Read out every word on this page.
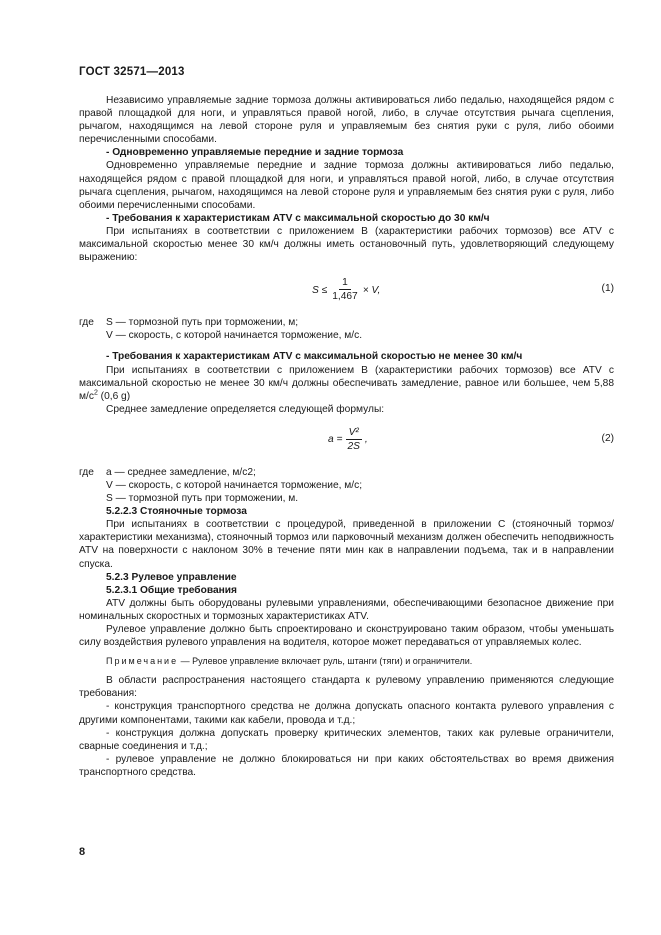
ГОСТ 32571—2013

Независимо управляемые задние тормоза должны активироваться либо педалью, находящейся рядом с правой площадкой для ноги, и управляться правой ногой, либо, в случае отсутствия рычага сцепления, рычагом, находящимся на левой стороне руля и управляемым без снятия руки с руля, либо обоими перечисленными способами.

- Одновременно управляемые передние и задние тормоза

Одновременно управляемые передние и задние тормоза должны активироваться либо педалью, находящейся рядом с правой площадкой для ноги, и управляться правой ногой, либо, в случае отсутствия рычага сцепления, рычагом, находящимся на левой стороне руля и управляемым без снятия руки с руля, либо обоими перечисленными способами.

- Требования к характеристикам ATV с максимальной скоростью до 30 км/ч

При испытаниях в соответствии с приложением B (характеристики рабочих тормозов) все ATV с максимальной скоростью менее 30 км/ч должны иметь остановочный путь, удовлетворяющий следующему выражению:

$S \le \frac{1}{1,467} \times V$,	(1)
где	S — тормозной путь при торможении, м;
V — скорость, с которой начинается торможение, м/с.

- Требования к характеристикам ATV с максимальной скоростью не менее 30 км/ч

При испытаниях в соответствии с приложением B (характеристики рабочих тормозов) все ATV с максимальной скоростью не менее 30 км/ч должны обеспечивать замедление, равное или большее, чем 5,88 $м/с^2$ (0,6 g)

Среднее замедление определяется следующей формулы:

$a = \frac{\text{V²}}{2S}$ ,	(2)
где	a — среднее замедление, м/с2;
V — скорость, с которой начинается торможение, м/с;
S — тормозной путь при торможении, м.

5.2.2.3 Стояночные тормоза

При испытаниях в соответствии с процедурой, приведенной в приложении C (стояночный тормоз/характеристики механизма), стояночный тормоз или парковочный механизм должен обеспечить неподвижность ATV на поверхности с наклоном 30% в течение пяти мин как в направлении подъема, так и в направлении спуска.

5.2.3 Рулевое управление

5.2.3.1 Общие требования

ATV должны быть оборудованы рулевыми управлениями, обеспечивающими безопасное движение при номинальных скоростных и тормозных характеристиках ATV.

Рулевое управление должно быть спроектировано и сконструировано таким образом, чтобы уменьшать силу воздействия рулевого управления на водителя, которое может передаваться от управляемых колес.

Примечание — Рулевое управление включает руль, штанги (тяги) и ограничители.

В области распространения настоящего стандарта к рулевому управлению применяются следующие требования:

- конструкция транспортного средства не должна допускать опасного контакта рулевого управления с другими компонентами, такими как кабели, провода и т.д.;

- конструкция должна допускать проверку критических элементов, таких как рулевые ограничители, сварные соединения и т.д.;

- рулевое управление не должно блокироваться ни при каких обстоятельствах во время движения транспортного средства.

8
